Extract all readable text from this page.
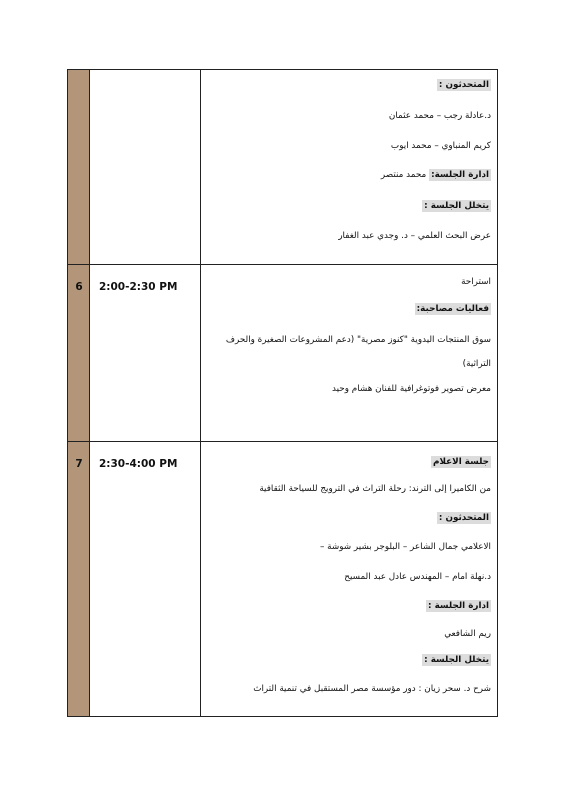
المتحدثون :
د.عادلة رجب – محمد عثمان
كريم المنباوي – محمد ايوب
ادارة الجلسة: محمد منتصر
يتخلل الجلسة :
عرض البحث العلمي – د. وجدي عبد الغفار
6	2:00-2:30 PM	استراحة
فعاليات مصاحبة:
سوق المنتجات اليدوية "كنوز مصرية" (دعم المشروعات الصغيرة والحرف التراثية)
معرض تصوير فوتوغرافية للفنان هشام وحيد
7	2:30-4:00 PM	جلسة الاعلام
من الكاميرا إلى الترند: رحلة التراث في الترويج للسياحة الثقافية
المتحدثون :
الاعلامي جمال الشاعر – البلوجر بشير شوشة –
د.نهلة امام – المهندس عادل عبد المسيح
ادارة الجلسة :
ريم الشافعي
يتخلل الجلسة :
شرح د. سحر زيان : دور مؤسسة مصر المستقبل في تنمية التراث
